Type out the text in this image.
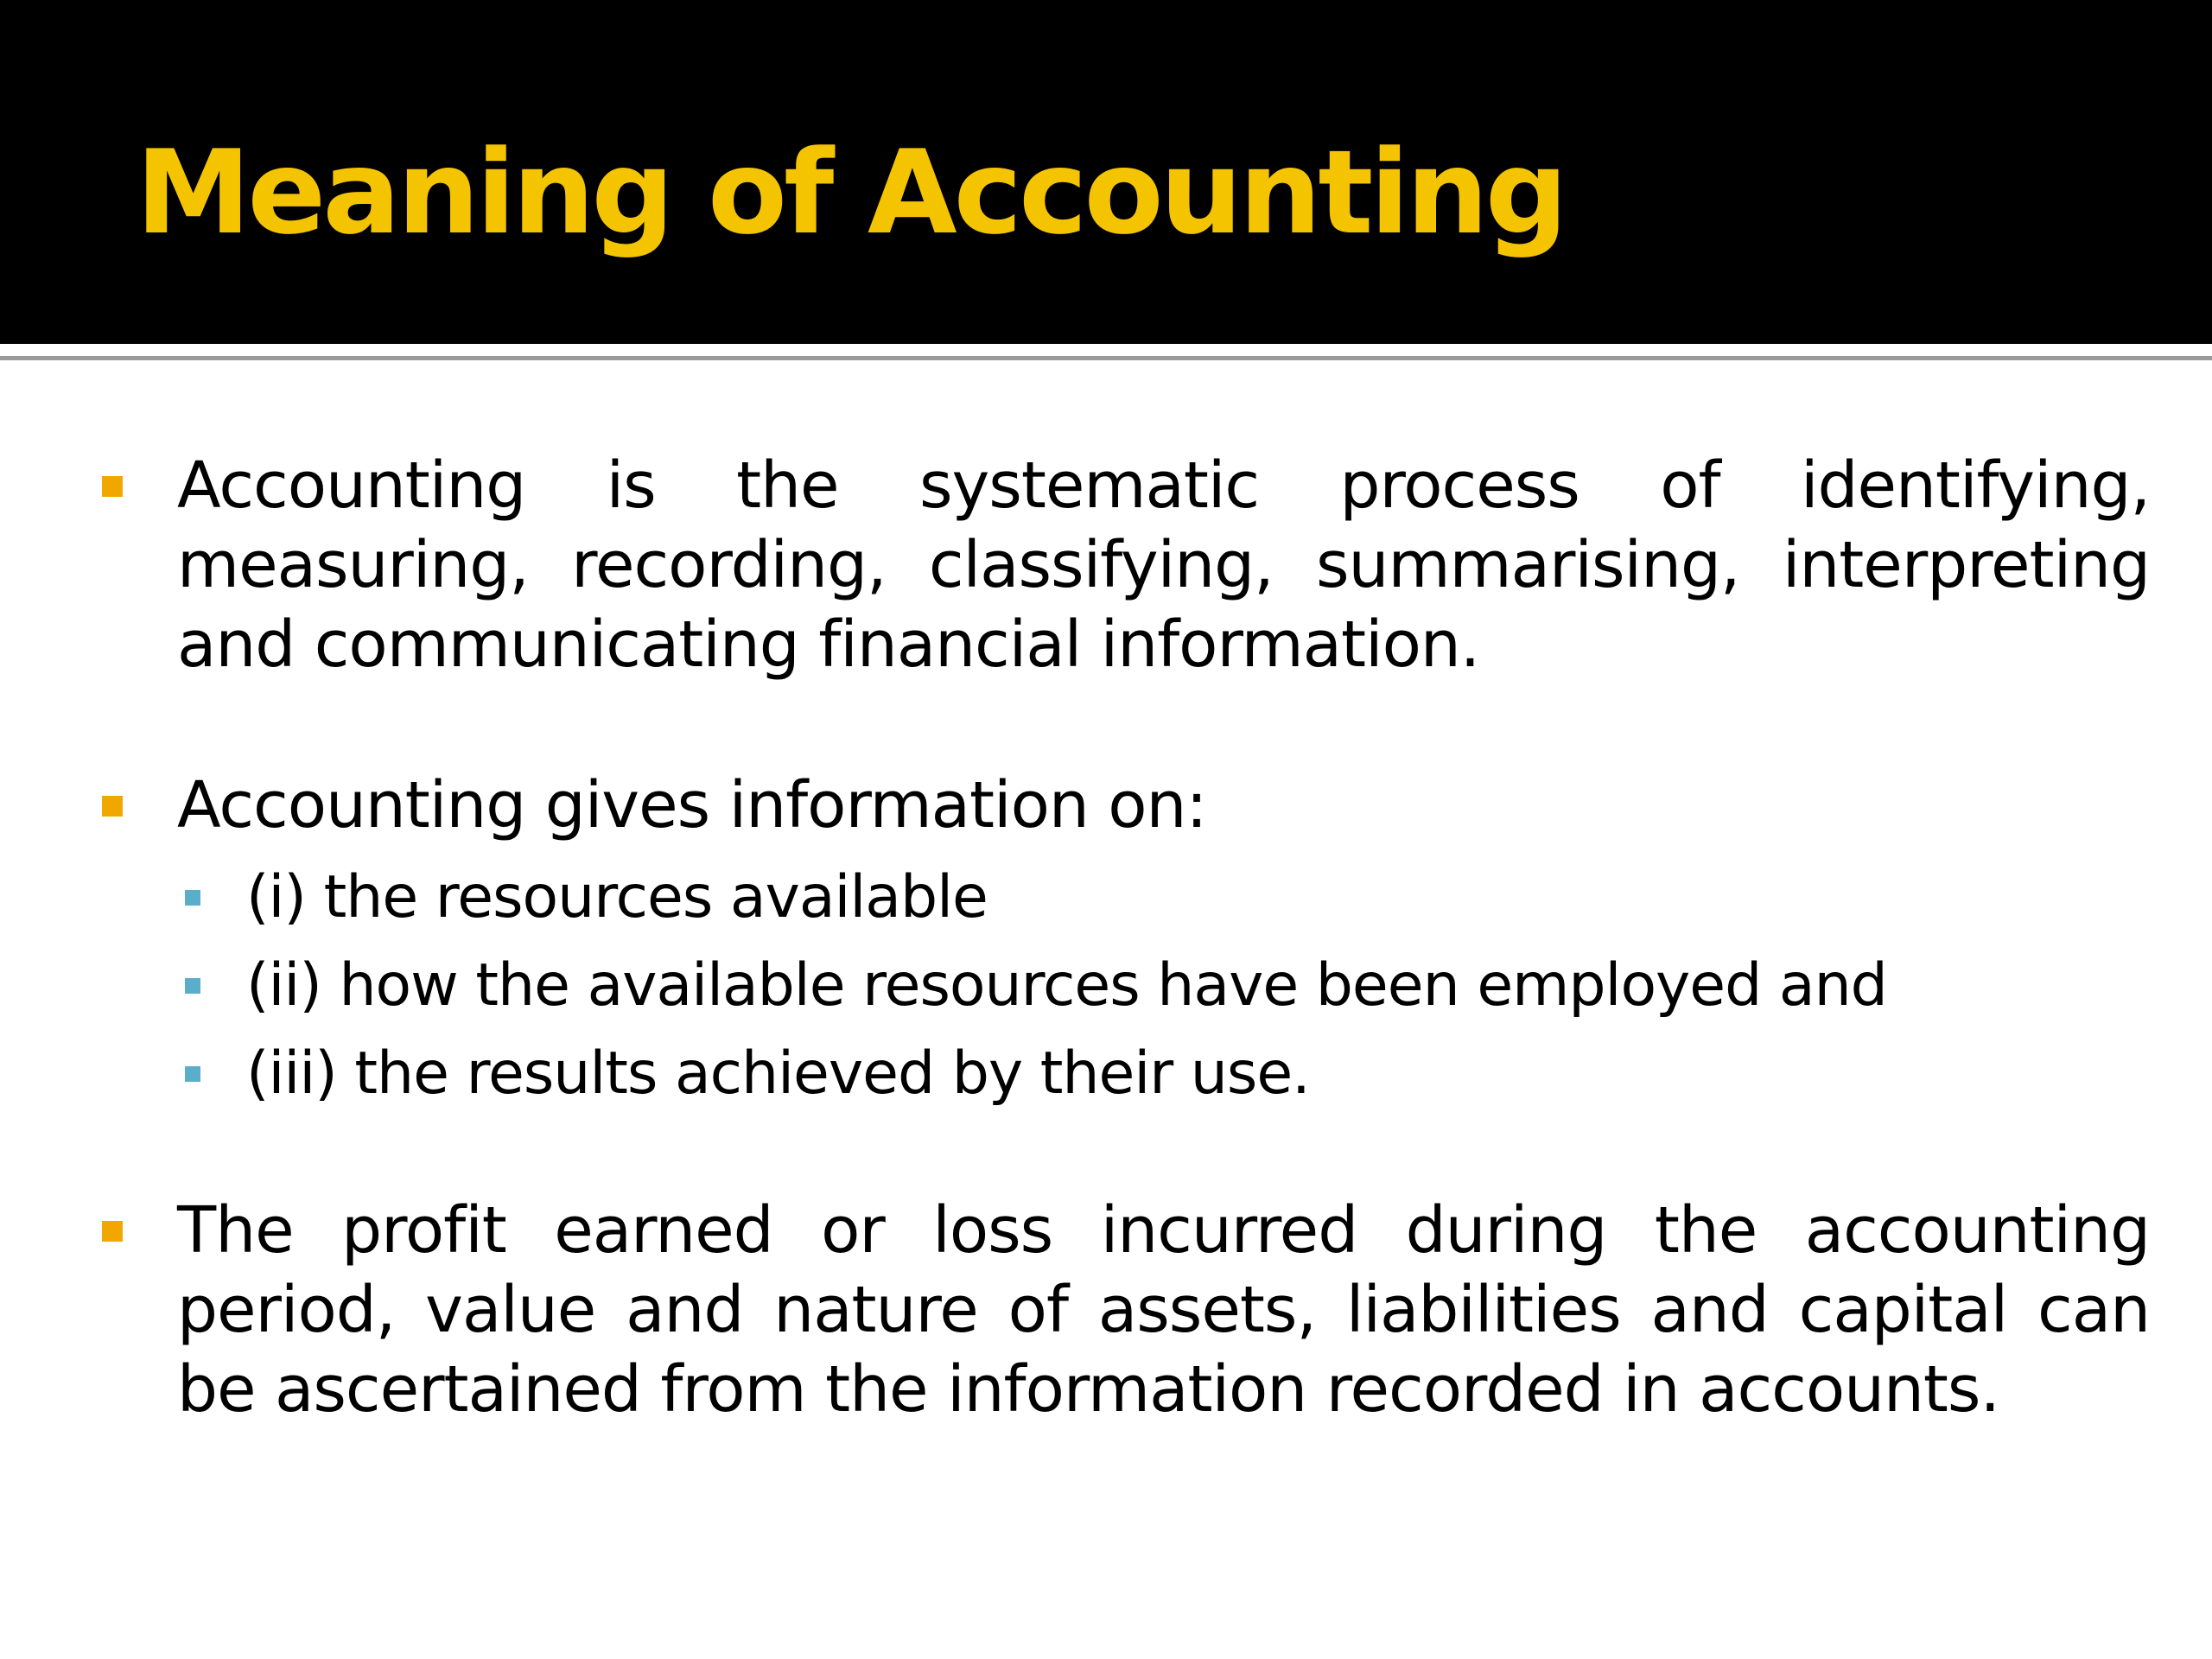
Meaning of Accounting

Accounting is the systematic process of identifying, measuring, recording, classifying, summarising, interpreting and communicating financial information.

Accounting gives information on:

(i) the resources available

(ii) how the available resources have been employed and

(iii) the results achieved by their use.

The profit earned or loss incurred during the accounting period, value and nature of assets, liabilities and capital can be ascertained from the information recorded in accounts.
